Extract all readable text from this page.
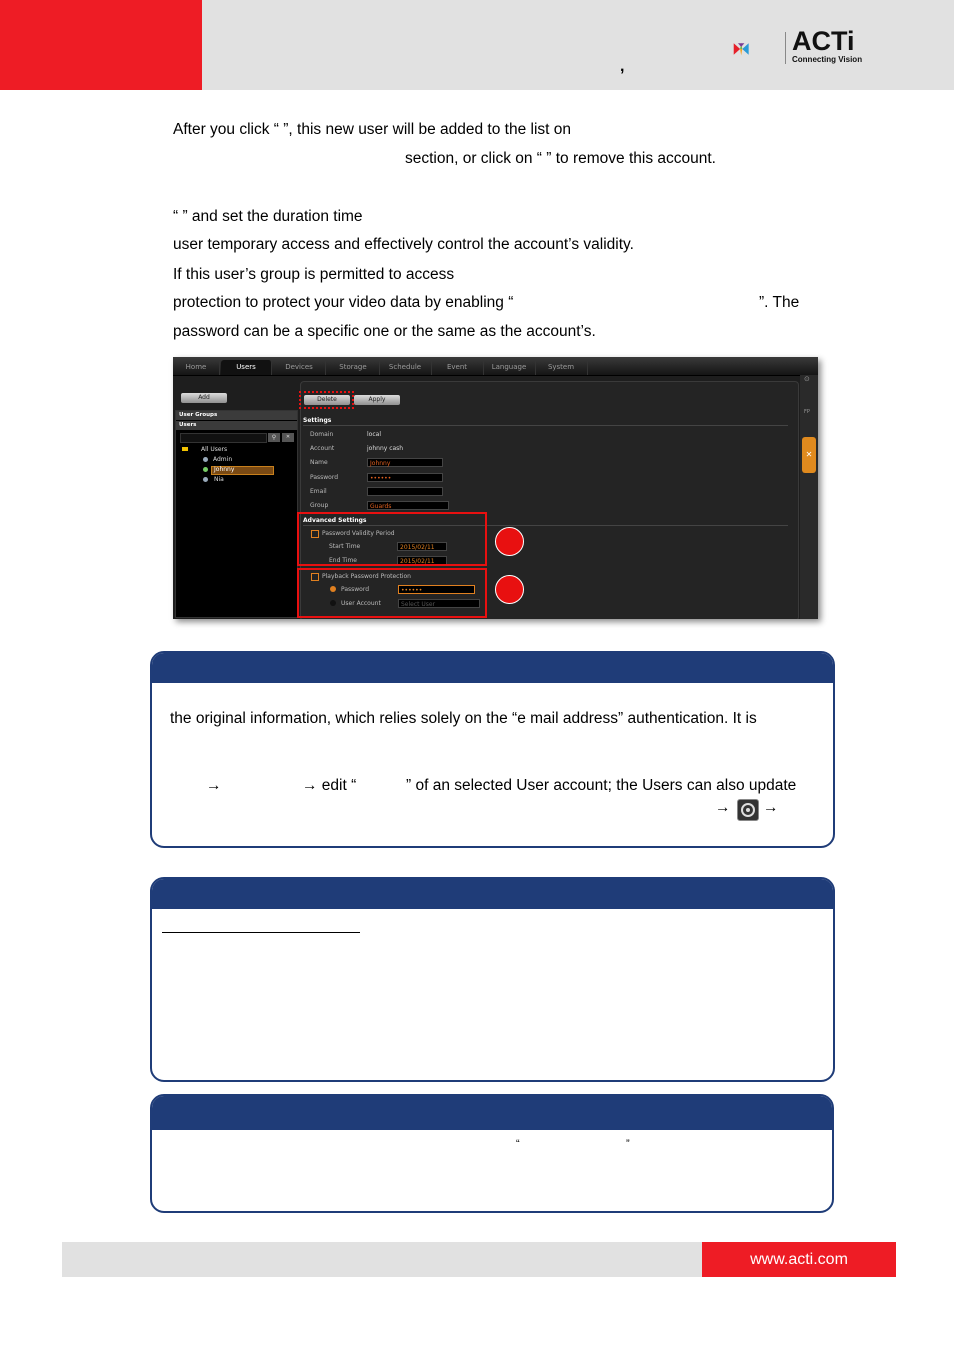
,
ACTi
Connecting Vision
After you click “ ”, this new user will be added to the list on
section, or click on “ ” to remove this account.
“ ” and set the duration time
user temporary access and effectively control the account’s validity.
If this user’s group is permitted to access
protection to protect your video data by enabling “	”. The
password can be a specific one or the same as the account’s.
Home	Users	Devices	Storage	Schedule	Event	Language	System
Add
User Groups
Users
⚲	✕
All Users
Admin
Johnny
Nia
Delete	Apply
Settings
Domain	local
Account	johnny cash
Name	Johnny
Password	••••••
Email
Group	Guards
Advanced Settings
Password Validity Period
Start Time	2015/02/11
End Time	2015/02/11
Playback Password Protection
Password	••••••
User Account	Select User
⊙
FP
✕
the original information, which relies solely on the “e mail address” authentication. It is
→	→ edit “	” of an selected User account; the Users can also update
→ →
“	”
www.acti.com
